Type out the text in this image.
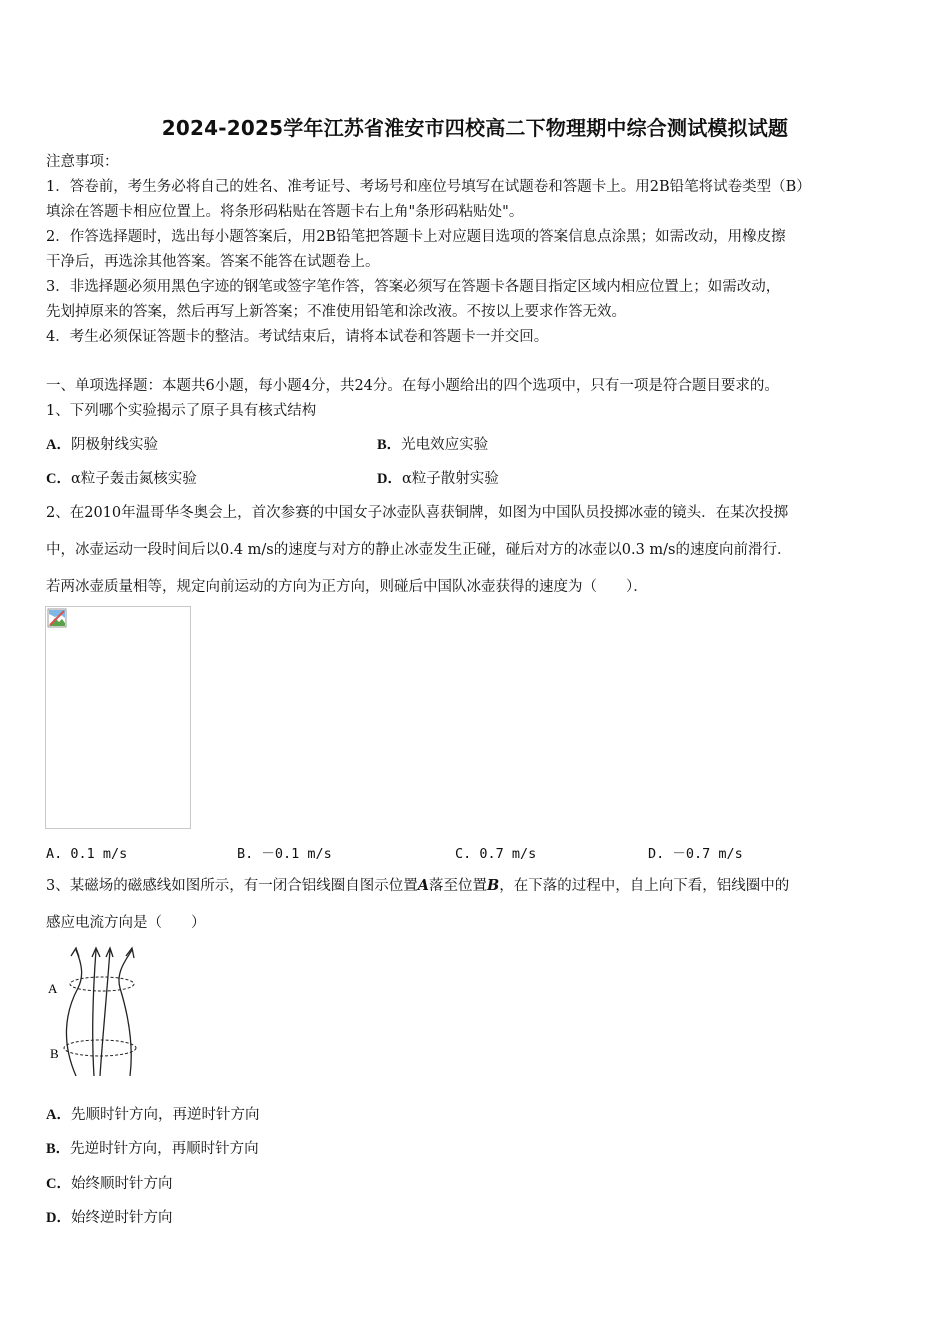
2024-2025学年江苏省淮安市四校高二下物理期中综合测试模拟试题
注意事项：
1．答卷前，考生务必将自己的姓名、准考证号、考场号和座位号填写在试题卷和答题卡上。用2B铅笔将试卷类型（B）
填涂在答题卡相应位置上。将条形码粘贴在答题卡右上角"条形码粘贴处"。
2．作答选择题时，选出每小题答案后，用2B铅笔把答题卡上对应题目选项的答案信息点涂黑；如需改动，用橡皮擦
干净后，再选涂其他答案。答案不能答在试题卷上。
3．非选择题必须用黑色字迹的钢笔或签字笔作答，答案必须写在答题卡各题目指定区域内相应位置上；如需改动，
先划掉原来的答案，然后再写上新答案；不准使用铅笔和涂改液。不按以上要求作答无效。
4．考生必须保证答题卡的整洁。考试结束后，请将本试卷和答题卡一并交回。
一、单项选择题：本题共6小题，每小题4分，共24分。在每小题给出的四个选项中，只有一项是符合题目要求的。
1、下列哪个实验揭示了原子具有核式结构
A．阴极射线实验	B．光电效应实验
C．α粒子轰击氮核实验	D．α粒子散射实验
2、在2010年温哥华冬奥会上，首次参赛的中国女子冰壶队喜获铜牌，如图为中国队员投掷冰壶的镜头．在某次投掷
中，冰壶运动一段时间后以0.4 m/s的速度与对方的静止冰壶发生正碰，碰后对方的冰壶以0.3 m/s的速度向前滑行．
若两冰壶质量相等，规定向前运动的方向为正方向，则碰后中国队冰壶获得的速度为（　　）．
A. 0.1 m/s	B. －0.1 m/s	C. 0.7 m/s	D. －0.7 m/s
3、某磁场的磁感线如图所示，有一闭合铝线圈自图示位置A落至位置B，在下落的过程中，自上向下看，铝线圈中的
感应电流方向是（　　）
A
B
A．先顺时针方向，再逆时针方向
B．先逆时针方向，再顺时针方向
C．始终顺时针方向
D．始终逆时针方向
